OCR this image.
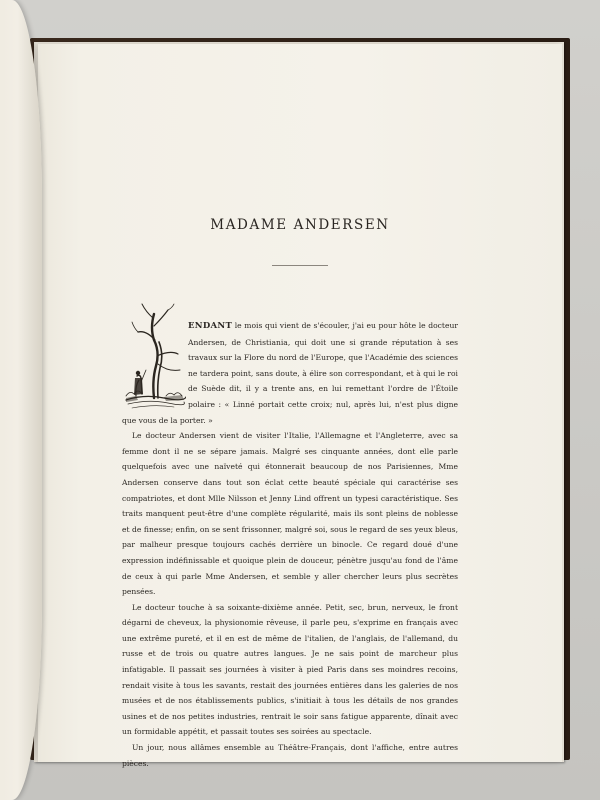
MADAME ANDERSEN

ENDANT le mois qui vient de s'écouler, j'ai eu pour hôte le docteur Andersen, de Christiania, qui doit une si grande réputation à ses travaux sur la Flore du nord de l'Europe, que l'Académie des sciences ne tardera point, sans doute, à élire son correspondant, et à qui le roi de Suède dit, il y a trente ans, en lui remettant l'ordre de l'Étoile polaire : « Linné portait cette croix; nul, après lui, n'est plus digne que vous de la porter. »

Le docteur Andersen vient de visiter l'Italie, l'Allemagne et l'Angleterre, avec sa femme dont il ne se sépare jamais. Malgré ses cinquante années, dont elle parle quelquefois avec une naïveté qui étonnerait beaucoup de nos Parisiennes, Mme Andersen conserve dans tout son éclat cette beauté spéciale qui caractérise ses compatriotes, et dont Mlle Nilsson et Jenny Lind offrent un typesi caractéristique. Ses traits manquent peut-être d'une complète régularité, mais ils sont pleins de noblesse et de finesse; enfin, on se sent frissonner, malgré soi, sous le regard de ses yeux bleus, par malheur presque toujours cachés derrière un binocle. Ce regard doué d'une expression indéfinissable et quoique plein de douceur, pénètre jusqu'au fond de l'âme de ceux à qui parle Mme Andersen, et semble y aller chercher leurs plus secrètes pensées.

Le docteur touche à sa soixante-dixième année. Petit, sec, brun, nerveux, le front dégarni de cheveux, la physionomie rêveuse, il parle peu, s'exprime en français avec une extrême pureté, et il en est de même de l'italien, de l'anglais, de l'allemand, du russe et de trois ou quatre autres langues. Je ne sais point de marcheur plus infatigable. Il passait ses journées à visiter à pied Paris dans ses moindres recoins, rendait visite à tous les savants, restait des journées entières dans les galeries de nos musées et de nos établissements publics, s'initiait à tous les détails de nos grandes usines et de nos petites industries, rentrait le soir sans fatigue apparente, dînait avec un formidable appétit, et passait toutes ses soirées au spectacle.

Un jour, nous allâmes ensemble au Théâtre-Français, dont l'affiche, entre autres pièces.
